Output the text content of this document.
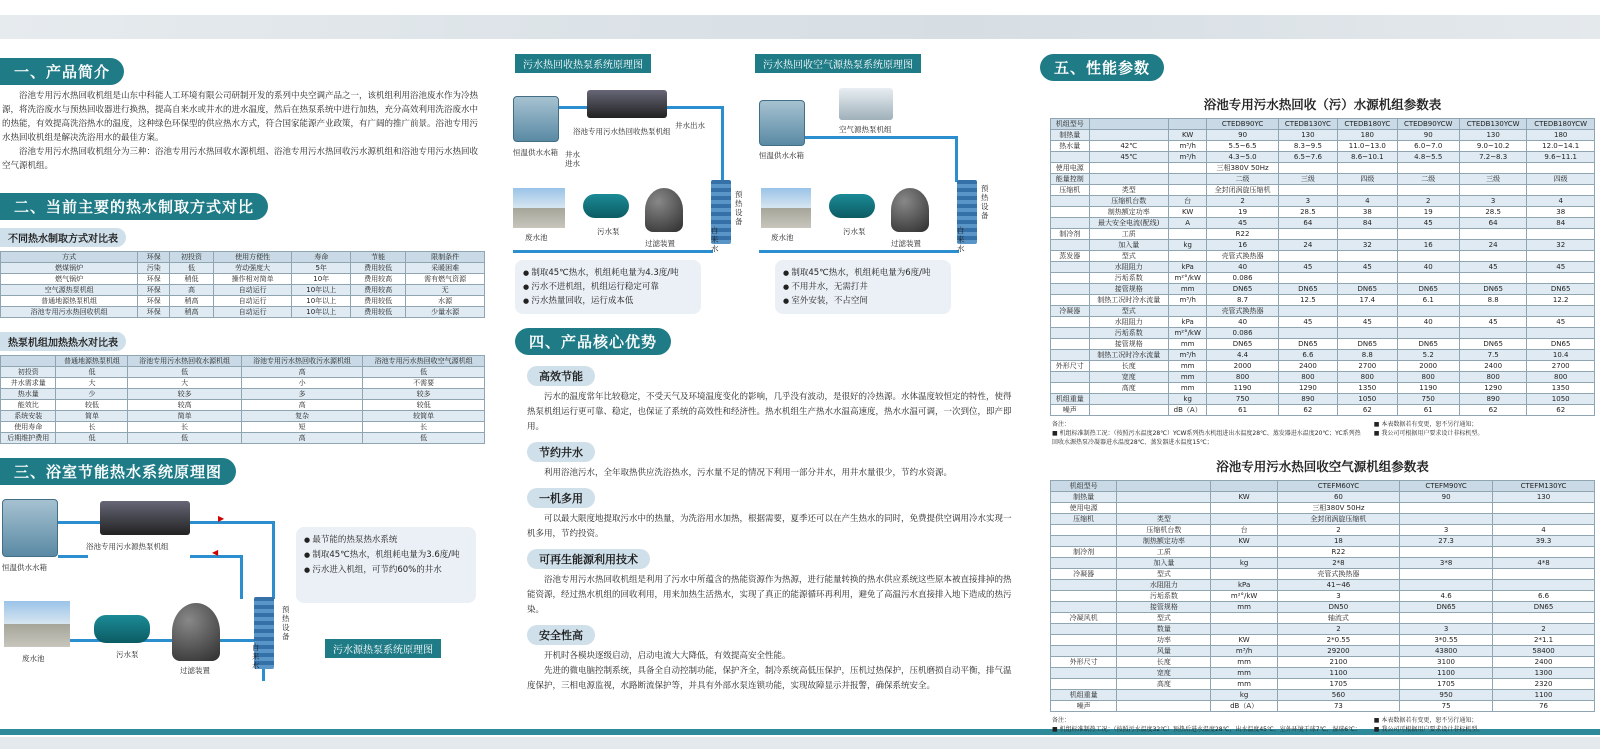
一、产品简介
浴池专用污水热回收机组是山东中科能人工环境有限公司研制开发的系列中央空调产品之一，该机组利用浴池废水作为冷热源，将洗浴废水与预热回收器进行换热，提高自来水或井水的进水温度，然后在热泵系统中进行加热，充分高效利用洗浴废水中的热能，有效提高洗浴热水的温度，这种绿色环保型的供应热水方式，符合国家能源产业政策，有广阔的推广前景。浴池专用污水热回收机组是解决洗浴用水的最佳方案。
浴池专用污水热回收机组分为三种：浴池专用污水热回收水源机组、浴池专用污水热回收污水源机组和浴池专用污水热回收空气源机组。
二、当前主要的热水制取方式对比
不同热水制取方式对比表
方式	环保	初投资	使用方便性	寿命	节能	限制条件
燃煤锅炉	污染	低	劳动强度大	5年	费用较低	采暖困难
燃气锅炉	环保	稍低	操作相对简单	10年	费用较高	需有燃气资源
空气源热泵机组	环保	高	自动运行	10年以上	费用较高	无
普通地源热泵机组	环保	稍高	自动运行	10年以上	费用较低	水源
浴池专用污水热回收机组	环保	稍高	自动运行	10年以上	费用较低	少量水源
热泵机组加热热水对比表
	普通地源热泵机组	浴池专用污水热回收水源机组	浴池专用污水热回收污水源机组	浴池专用污水热回收空气源机组
初投资	低	低	高	低
井水需求量	大	大	小	不需要
热水量	少	较多	多	较多
能效比	较低	较高	高	较低
系统安装	简单	简单	复杂	较简单
使用寿命	长	长	短	长
后期维护费用	低	低	高	低
三、浴室节能热水系统原理图
恒温供水水箱
浴池专用污水源热泵机组
▶
◀
废水池	污水泵
过滤装置
预热设备
自来水
● 最节能的热泵热水系统
● 制取45℃热水，机组耗电量为3.6度/吨
● 污水进入机组，可节约60%的井水
污水源热泵系统原理图
污水热回收热泵系统原理图	污水热回收空气源热泵系统原理图
恒温供水水箱
浴池专用污水热回收热泵机组
井水出水
井水进水
废水池
污水泵
过滤装置
预热设备
自来水
恒温供水水箱
空气源热泵机组
废水池
污水泵
过滤装置
预热设备
自来水
● 制取45℃热水，机组耗电量为4.3度/吨
● 污水不进机组，机组运行稳定可靠
● 污水热量回收，运行成本低
● 制取45℃热水，机组耗电量为6度/吨
● 不用井水，无需打井
● 室外安装，不占空间
四、产品核心优势
高效节能
污水的温度常年比较稳定，不受天气及环境温度变化的影响，几乎没有波动，是很好的冷热源。水体温度较恒定的特性，使得热泵机组运行更可靠、稳定，也保证了系统的高效性和经济性。热水机组生产热水水温高速度，热水水温可调，一次到位，即产即用。
节约井水
利用浴池污水，全年取热供应洗浴热水，污水量不足的情况下利用一部分井水，用井水量很少，节约水资源。
一机多用
可以最大限度地提取污水中的热量，为洗浴用水加热，根据需要，夏季还可以在产生热水的同时，免费提供空调用冷水实现一机多用，节约投资。
可再生能源利用技术
浴池专用污水热回收机组是利用了污水中所蕴含的热能资源作为热源，进行能量转换的热水供应系统这些原本被直接排掉的热能资源，经过热水机组的回收利用，用来加热生活热水，实现了真正的能源循环再利用，避免了高温污水直接排入地下造成的热污染。
安全性高
开机时各模块逐级启动，启动电流大大降低，有效提高安全性能。
先进的微电脑控制系统，具备全自动控制功能，保护齐全，制冷系统高低压保护，压机过热保护，压机磨损自动平衡，排气温度保护，三相电源监视，水路断流保护等，并具有外部水泵连锁功能，实现故障显示并报警，确保系统安全。
五、性能参数
浴池专用污水热回收（污）水源机组参数表
机组型号			CTEDB90YC	CTEDB130YC	CTEDB180YC	CTEDB90YCW	CTEDB130YCW	CTEDB180YCW
制热量		KW	90	130	180	90	130	180
热水量	42℃	m³/h	5.5~6.5	8.3~9.5	11.0~13.0	6.0~7.0	9.0~10.2	12.0~14.1
	45℃	m³/h	4.3~5.0	6.5~7.6	8.6~10.1	4.8~5.5	7.2~8.3	9.6~11.1
使用电源			三相380V 50Hz					
能量控制			二级	三级	四级	二级	三级	四级
压缩机	类型		全封闭涡旋压缩机					
	压缩机台数	台	2	3	4	2	3	4
	制热额定功率	KW	19	28.5	38	19	28.5	38
	最大安全电流(配线)	A	45	64	84	45	64	84
制冷剂	工质		R22					
	加入量	kg	16	24	32	16	24	32
蒸发器	型式		壳管式换热器					
	水阻阻力	kPa	40	45	45	40	45	45
	污垢系数	m²°/kW	0.086					
	接管规格	mm	DN65	DN65	DN65	DN65	DN65	DN65
	制热工况时冷水流量	m³/h	8.7	12.5	17.4	6.1	8.8	12.2
冷凝器	型式		壳管式换热器					
	水阻阻力	kPa	40	45	45	40	45	45
	污垢系数	m²°/kW	0.086					
	接管规格	mm	DN65	DN65	DN65	DN65	DN65	DN65
	制热工况时冷水流量	m³/h	4.4	6.6	8.8	5.2	7.5	10.4
外形尺寸	长度	mm	2000	2400	2700	2000	2400	2700
	宽度	mm	800	800	800	800	800	800
	高度	mm	1190	1290	1350	1190	1290	1350
机组重量		kg	750	890	1050	750	890	1050
噪声		dB（A）	61	62	62	61	62	62
备注：
■ 机组标准制热工况：（按照污水温度28℃）YCW系列热水机组进出水温度28℃、蒸发器进水温度20℃；YC系列热回收水源热泵冷凝器进水温度28℃、蒸发器进水温度15℃；
■ 本表数据若有变更，恕不另行通知；
■ 我公司可根据用户要求设计非标机型。
浴池专用污水热回收空气源机组参数表
机组型号			CTEFM60YC	CTEFM90YC	CTEFM130YC
制热量		KW	60	90	130
使用电源			三相380V 50Hz		
压缩机	类型		全封闭涡旋压缩机		
	压缩机台数	台	2	3	4
	制热额定功率	KW	18	27.3	39.3
制冷剂	工质		R22		
	加入量	kg	2*8	3*8	4*8
冷凝器	型式		壳管式换热器		
	水阻阻力	kPa	41~46		
	污垢系数	m²°/kW	3	4.6	6.6
	接管规格	mm	DN50	DN65	DN65
冷凝风机	型式		轴流式		
	数量		2	3	2
	功率	KW	2*0.55	3*0.55	2*1.1
	风量	m³/h	29200	43800	58400
外形尺寸	长度	mm	2100	3100	2400
	宽度	mm	1100	1100	1300
	高度	mm	1705	1705	2320
机组重量		kg	560	950	1100
噪声		dB（A）	73	75	76
备注：
■ 机组标准制热工况：（按照污水温度32℃）预热后进水温度28℃，出水温度45℃、室外环境干球7℃、湿球6℃；
■ 本表数据若有变更，恕不另行通知；
■ 我公司可根据用户要求设计非标机型。
